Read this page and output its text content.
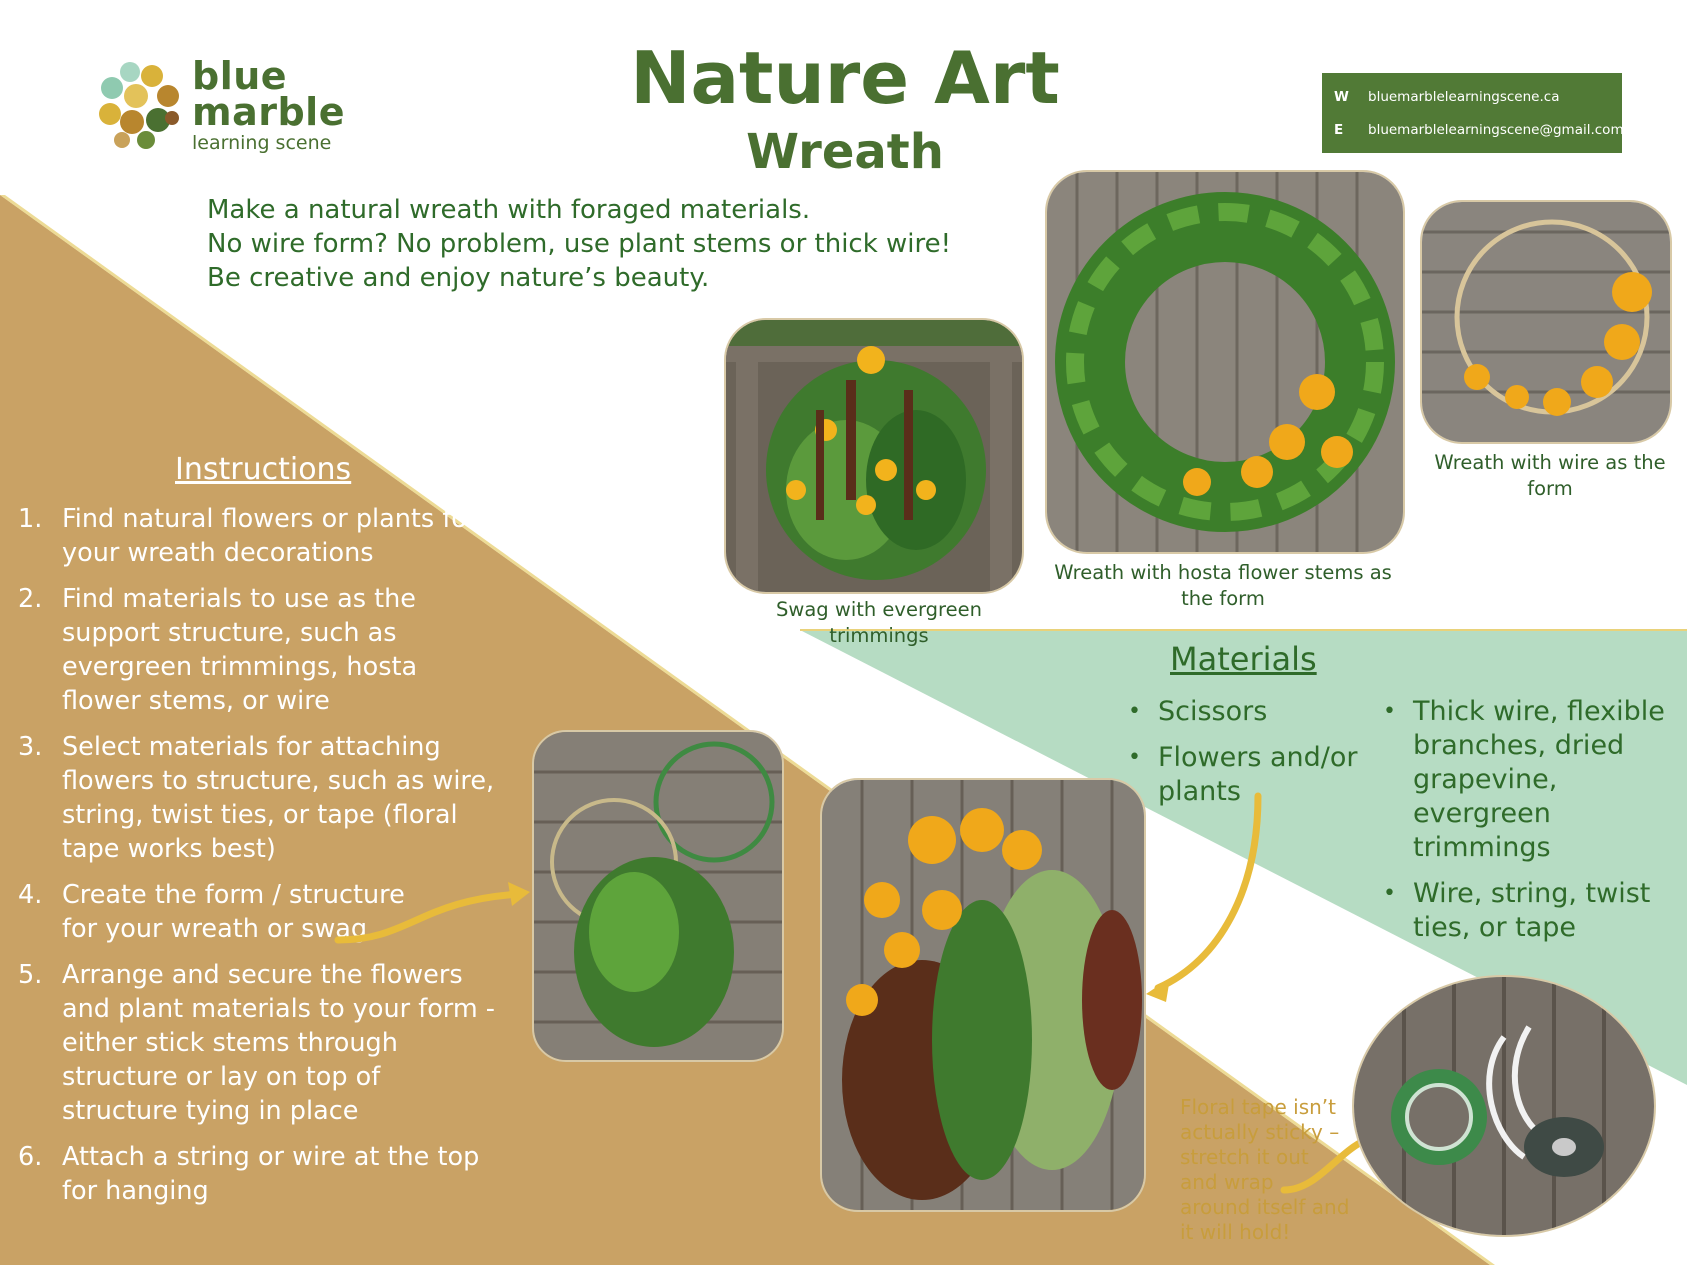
blue
marble
learning scene
Nature Art
Wreath
W bluemarblelearningscene.ca
E bluemarblelearningscene@gmail.com
Make a natural wreath with foraged materials.
No wire form? No problem, use plant stems or thick wire!
Be creative and enjoy nature’s beauty.
Swag with evergreen trimmings
Wreath with hosta flower stems as the form
Wreath with wire as the form
Instructions
1. Find natural flowers or plants for your wreath decorations
2. Find materials to use as the support structure, such as evergreen trimmings, hosta flower stems, or wire
3. Select materials for attaching flowers to structure, such as wire, string, twist ties, or tape (floral tape works best)
4. Create the form / structure for your wreath or swag
5. Arrange and secure the flowers and plant materials to your form - either stick stems through structure or lay on top of structure tying in place
6. Attach a string or wire at the top for hanging
Materials
• Scissors
• Flowers and/or plants
• Thick wire, flexible branches, dried grapevine, evergreen trimmings
• Wire, string, twist ties, or tape
Floral tape isn’t actually sticky – stretch it out and wrap around itself and it will hold!
